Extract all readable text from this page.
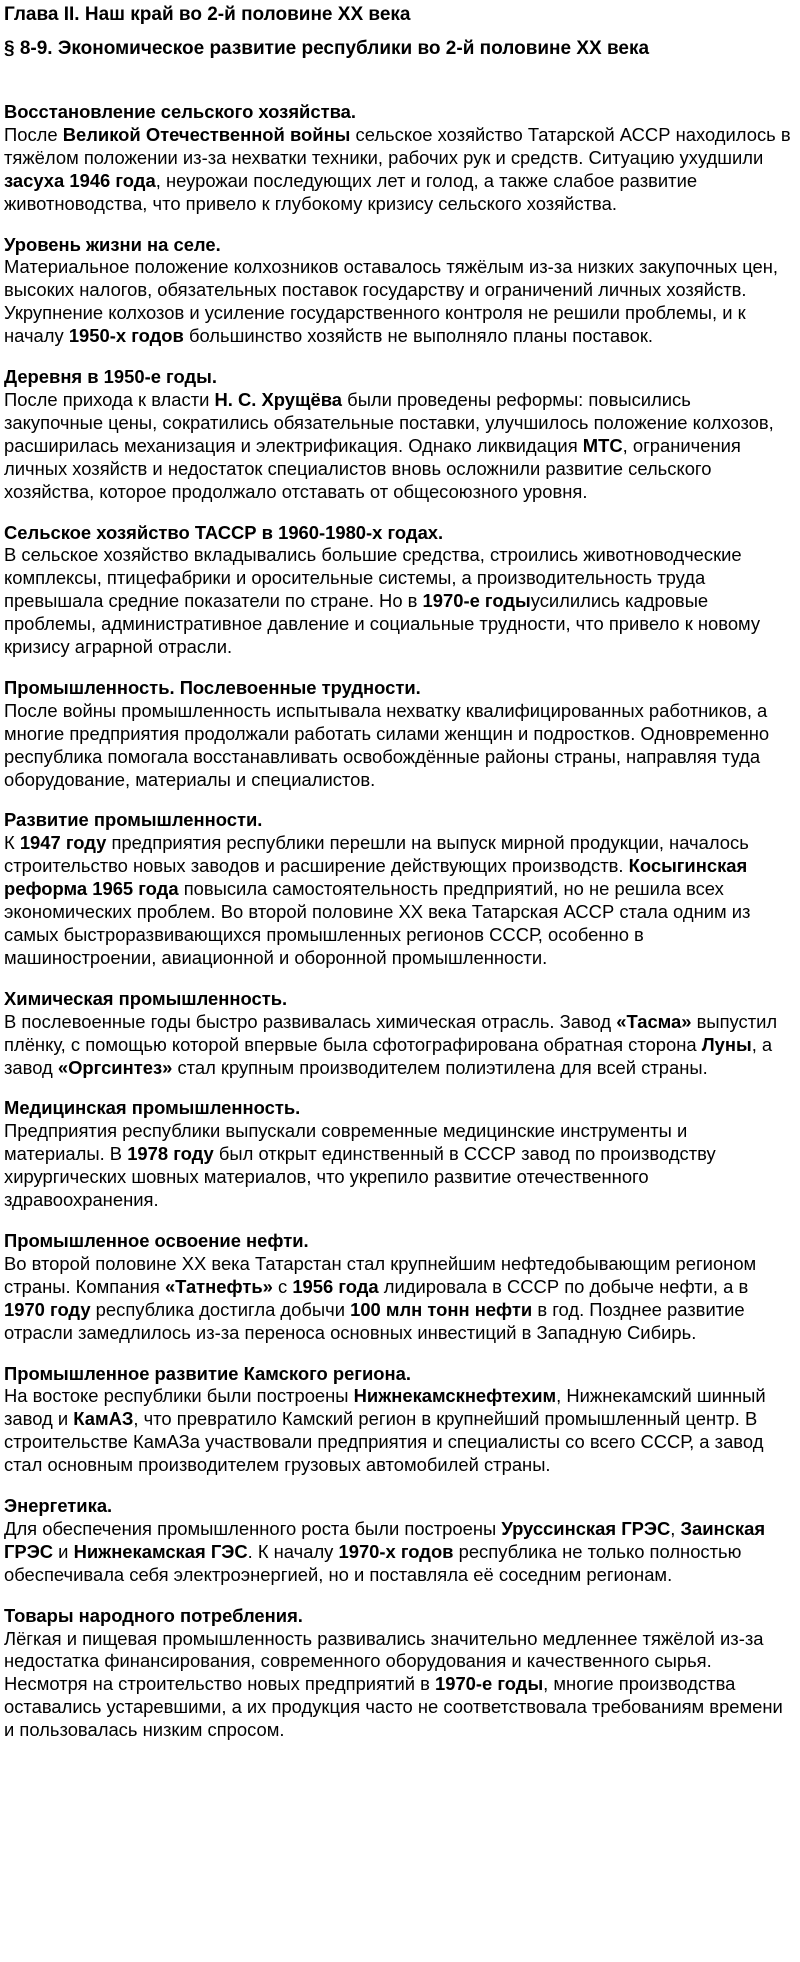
Глава II. Наш край во 2-й половине XX века
§ 8-9. Экономическое развитие республики во 2-й половине XX века

Восстановление сельского хозяйства.

После Великой Отечественной войны сельское хозяйство Татарской АССР находилось в тяжёлом положении из-за нехватки техники, рабочих рук и средств. Ситуацию ухудшили засуха 1946 года, неурожаи последующих лет и голод, а также слабое развитие животноводства, что привело к глубокому кризису сельского хозяйства.

Уровень жизни на селе.

Материальное положение колхозников оставалось тяжёлым из-за низких закупочных цен, высоких налогов, обязательных поставок государству и ограничений личных хозяйств. Укрупнение колхозов и усиление государственного контроля не решили проблемы, и к началу 1950-х годов большинство хозяйств не выполняло планы поставок.

Деревня в 1950-е годы.

После прихода к власти Н. С. Хрущёва были проведены реформы: повысились закупочные цены, сократились обязательные поставки, улучшилось положение колхозов, расширилась механизация и электрификация. Однако ликвидация МТС, ограничения личных хозяйств и недостаток специалистов вновь осложнили развитие сельского хозяйства, которое продолжало отставать от общесоюзного уровня.

Сельское хозяйство ТАССР в 1960-1980-х годах.

В сельское хозяйство вкладывались большие средства, строились животноводческие комплексы, птицефабрики и оросительные системы, а производительность труда превышала средние показатели по стране. Но в 1970-е годыусилились кадровые проблемы, административное давление и социальные трудности, что привело к новому кризису аграрной отрасли.

Промышленность. Послевоенные трудности.

После войны промышленность испытывала нехватку квалифицированных работников, а многие предприятия продолжали работать силами женщин и подростков. Одновременно республика помогала восстанавливать освобождённые районы страны, направляя туда оборудование, материалы и специалистов.

Развитие промышленности.

К 1947 году предприятия республики перешли на выпуск мирной продукции, началось строительство новых заводов и расширение действующих производств. Косыгинская реформа 1965 года повысила самостоятельность предприятий, но не решила всех экономических проблем. Во второй половине XX века Татарская АССР стала одним из самых быстроразвивающихся промышленных регионов СССР, особенно в машиностроении, авиационной и оборонной промышленности.

Химическая промышленность.

В послевоенные годы быстро развивалась химическая отрасль. Завод «Тасма» выпустил плёнку, с помощью которой впервые была сфотографирована обратная сторона Луны, а завод «Оргсинтез» стал крупным производителем полиэтилена для всей страны.

Медицинская промышленность.

Предприятия республики выпускали современные медицинские инструменты и материалы. В 1978 году был открыт единственный в СССР завод по производству хирургических шовных материалов, что укрепило развитие отечественного здравоохранения.

Промышленное освоение нефти.

Во второй половине XX века Татарстан стал крупнейшим нефтедобывающим регионом страны. Компания «Татнефть» с 1956 года лидировала в СССР по добыче нефти, а в 1970 году республика достигла добычи 100 млн тонн нефти в год. Позднее развитие отрасли замедлилось из-за переноса основных инвестиций в Западную Сибирь.

Промышленное развитие Камского региона.

На востоке республики были построены Нижнекамскнефтехим, Нижнекамский шинный завод и КамАЗ, что превратило Камский регион в крупнейший промышленный центр. В строительстве КамАЗа участвовали предприятия и специалисты со всего СССР, а завод стал основным производителем грузовых автомобилей страны.

Энергетика.

Для обеспечения промышленного роста были построены Уруссинская ГРЭС, Заинская ГРЭС и Нижнекамская ГЭС. К началу 1970-х годов республика не только полностью обеспечивала себя электроэнергией, но и поставляла её соседним регионам.

Товары народного потребления.

Лёгкая и пищевая промышленность развивались значительно медленнее тяжёлой из-за недостатка финансирования, современного оборудования и качественного сырья. Несмотря на строительство новых предприятий в 1970-е годы, многие производства оставались устаревшими, а их продукция часто не соответствовала требованиям времени и пользовалась низким спросом.
